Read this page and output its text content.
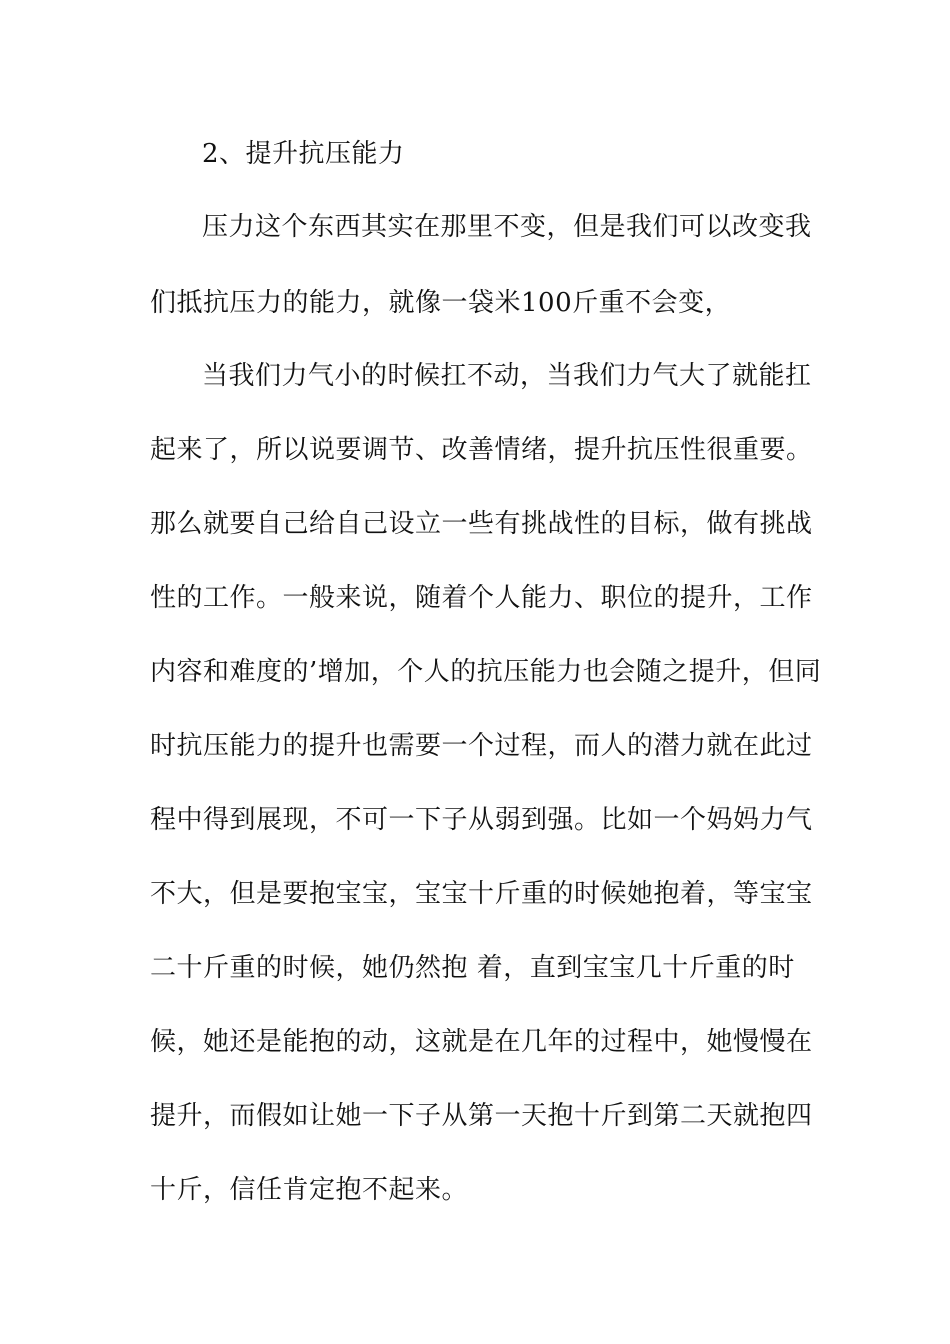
2、提升抗压能力
压力这个东西其实在那里不变，但是我们可以改变我
们抵抗压力的能力，就像一袋米100斤重不会变，
当我们力气小的时候扛不动，当我们力气大了就能扛
起来了，所以说要调节、改善情绪，提升抗压性很重要。
那么就要自己给自己设立一些有挑战性的目标，做有挑战
性的工作。一般来说，随着个人能力、职位的提升，工作
内容和难度的’增加，个人的抗压能力也会随之提升，但同
时抗压能力的提升也需要一个过程，而人的潜力就在此过
程中得到展现，不可一下子从弱到强。比如一个妈妈力气
不大，但是要抱宝宝，宝宝十斤重的时候她抱着，等宝宝
二十斤重的时候，她仍然抱 着，直到宝宝几十斤重的时
候，她还是能抱的动，这就是在几年的过程中，她慢慢在
提升，而假如让她一下子从第一天抱十斤到第二天就抱四
十斤，信任肯定抱不起来。
